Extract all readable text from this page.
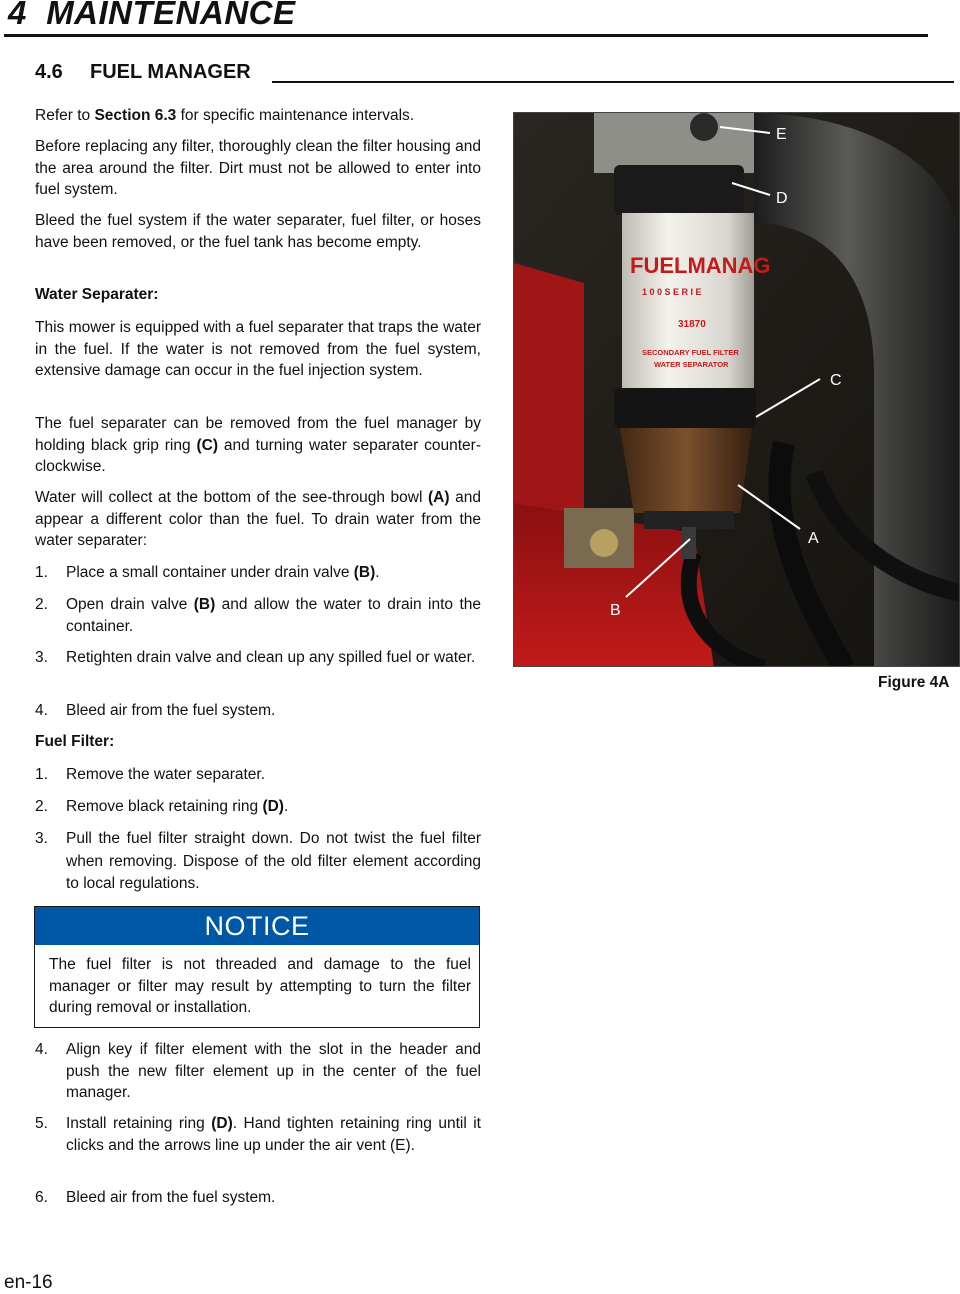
4  MAINTENANCE
4.6 FUEL MANAGER
Refer to Section 6.3 for specific maintenance intervals.
Before replacing any filter, thoroughly clean the filter housing and the area around the filter. Dirt must not be allowed to enter into fuel system.
Bleed the fuel system if the water separater, fuel filter, or hoses have been removed, or the fuel tank has become empty.
Water Separater:
This mower is equipped with a fuel separater that traps the water in the fuel. If the water is not removed from the fuel system, extensive damage can occur in the fuel injection system.
The fuel separater can be removed from the fuel manager by holding black grip ring (C) and turning water separater counter-clockwise.
Water will collect at the bottom of the see-through bowl (A) and appear a different color than the fuel. To drain water from the water separater:
1. Place a small container under drain valve (B).
2. Open drain valve (B) and allow the water to drain into the container.
3. Retighten drain valve and clean up any spilled fuel or water.
4. Bleed air from the fuel system.
Fuel Filter:
1. Remove the water separater.
2. Remove black retaining ring (D).
3. Pull the fuel filter straight down. Do not twist the fuel filter when removing. Dispose of the old filter element according to local regulations.
NOTICE
The fuel filter is not threaded and damage to the fuel manager or filter may result by attempting to turn the filter during removal or installation.
4. Align key if filter element with the slot in the header and push the new filter element up in the center of the fuel manager.
5. Install retaining ring (D). Hand tighten retaining ring until it clicks and the arrows line up under the air vent (E).
6. Bleed air from the fuel system.
FUELMANAG
1 0 0 S E R I E
31870
SECONDARY FUEL FILTER
WATER SEPARATOR
E
D
C
A
B
Figure 4A
en-16
